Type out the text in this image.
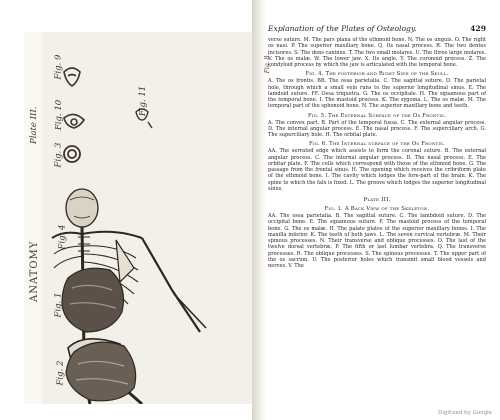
Plate III.
ANATOMY
Fig. 9
Fig. 10
Fig. 3
Fig. 11
Fig. 4
Fig. 1
Fig. 2
Fig. 8.
Explanation of the Plates of Osteology.	429

verse suture. M. The pars plana of the ethmoid bone. N. The os unguis. O. The right os nasi. P. The superior maxillary bone. Q. Its nasal process. R. The two dentes incisores. S. The dens caninus. T. The two small molares. U. The three large molares. V. The os malæ. W. The lower jaw. X. Its angle. Y. The coronoid process. Z. The condyloid process by which the jaw is articulated with the temporal bone.

Fig. 4. The posterior and Right Side of the Skull.

A. The os frontis. BB. The ossa parietalia. C. The sagittal suture. D. The parietal hole, through which a small vein runs to the superior longitudinal sinus. E. The lamdoid suture. FF. Ossa triquetra. G. The os occipitale. H. The squamous part of the temporal bone. I. The mastoid process. K. The zygoma. L. The os malæ. M. The temporal part of the sphenoid bone. N. The superior maxillary bone and teeth.

Fig. 5. The External Surface of the Os Frontis.

A. The convex part. B. Part of the temporal fossa. C. The external angular process. D. The internal angular process. E. The nasal process. F. The superciliary arch. G. The superciliary hole. H. The orbital plate.

Fig. 6. The Internal surface of the Os Frontis.

AA. The serrated edge which assists to form the coronal suture. B. The external angular process. C. The internal angular process. D. The nasal process. E. The orbitar plate. F. The cells which correspond with those of the ethmoid bone. G. The passage from the frontal sinus. H. The opening which receives the cribriform plate of the ethmoid bone. I. The cavity which lodges the fore-part of the brain. K. The spine to which the falx is fixed. L. The groove which lodges the superior longitudinal sinus.

Plate III.
Fig. 1. A Back View of the Skeleton.

AA. The ossa parietalia. B. The sagittal suture. C. The lambdoid suture. D. The occipital bone. E. The squamous suture. F. The mastoid process of the temporal bone. G. The os malæ. H. The palate plates of the superior maxillary bones. I. The maxilla inferior. K. The teeth of both jaws. L. The seven cervical vertebræ. M. Their spinous processes. N. Their transverse and oblique processes. O. The last of the twelve dorsal vertebræ. P. The fifth or last lumbar vertebra. Q. The transverse processes. R. The oblique processes. S. The spinous processes. T. The upper part of the os sacrum. U. The posterior holes which transmit small blood vessels and nerves. V. The

Digitized by Google
